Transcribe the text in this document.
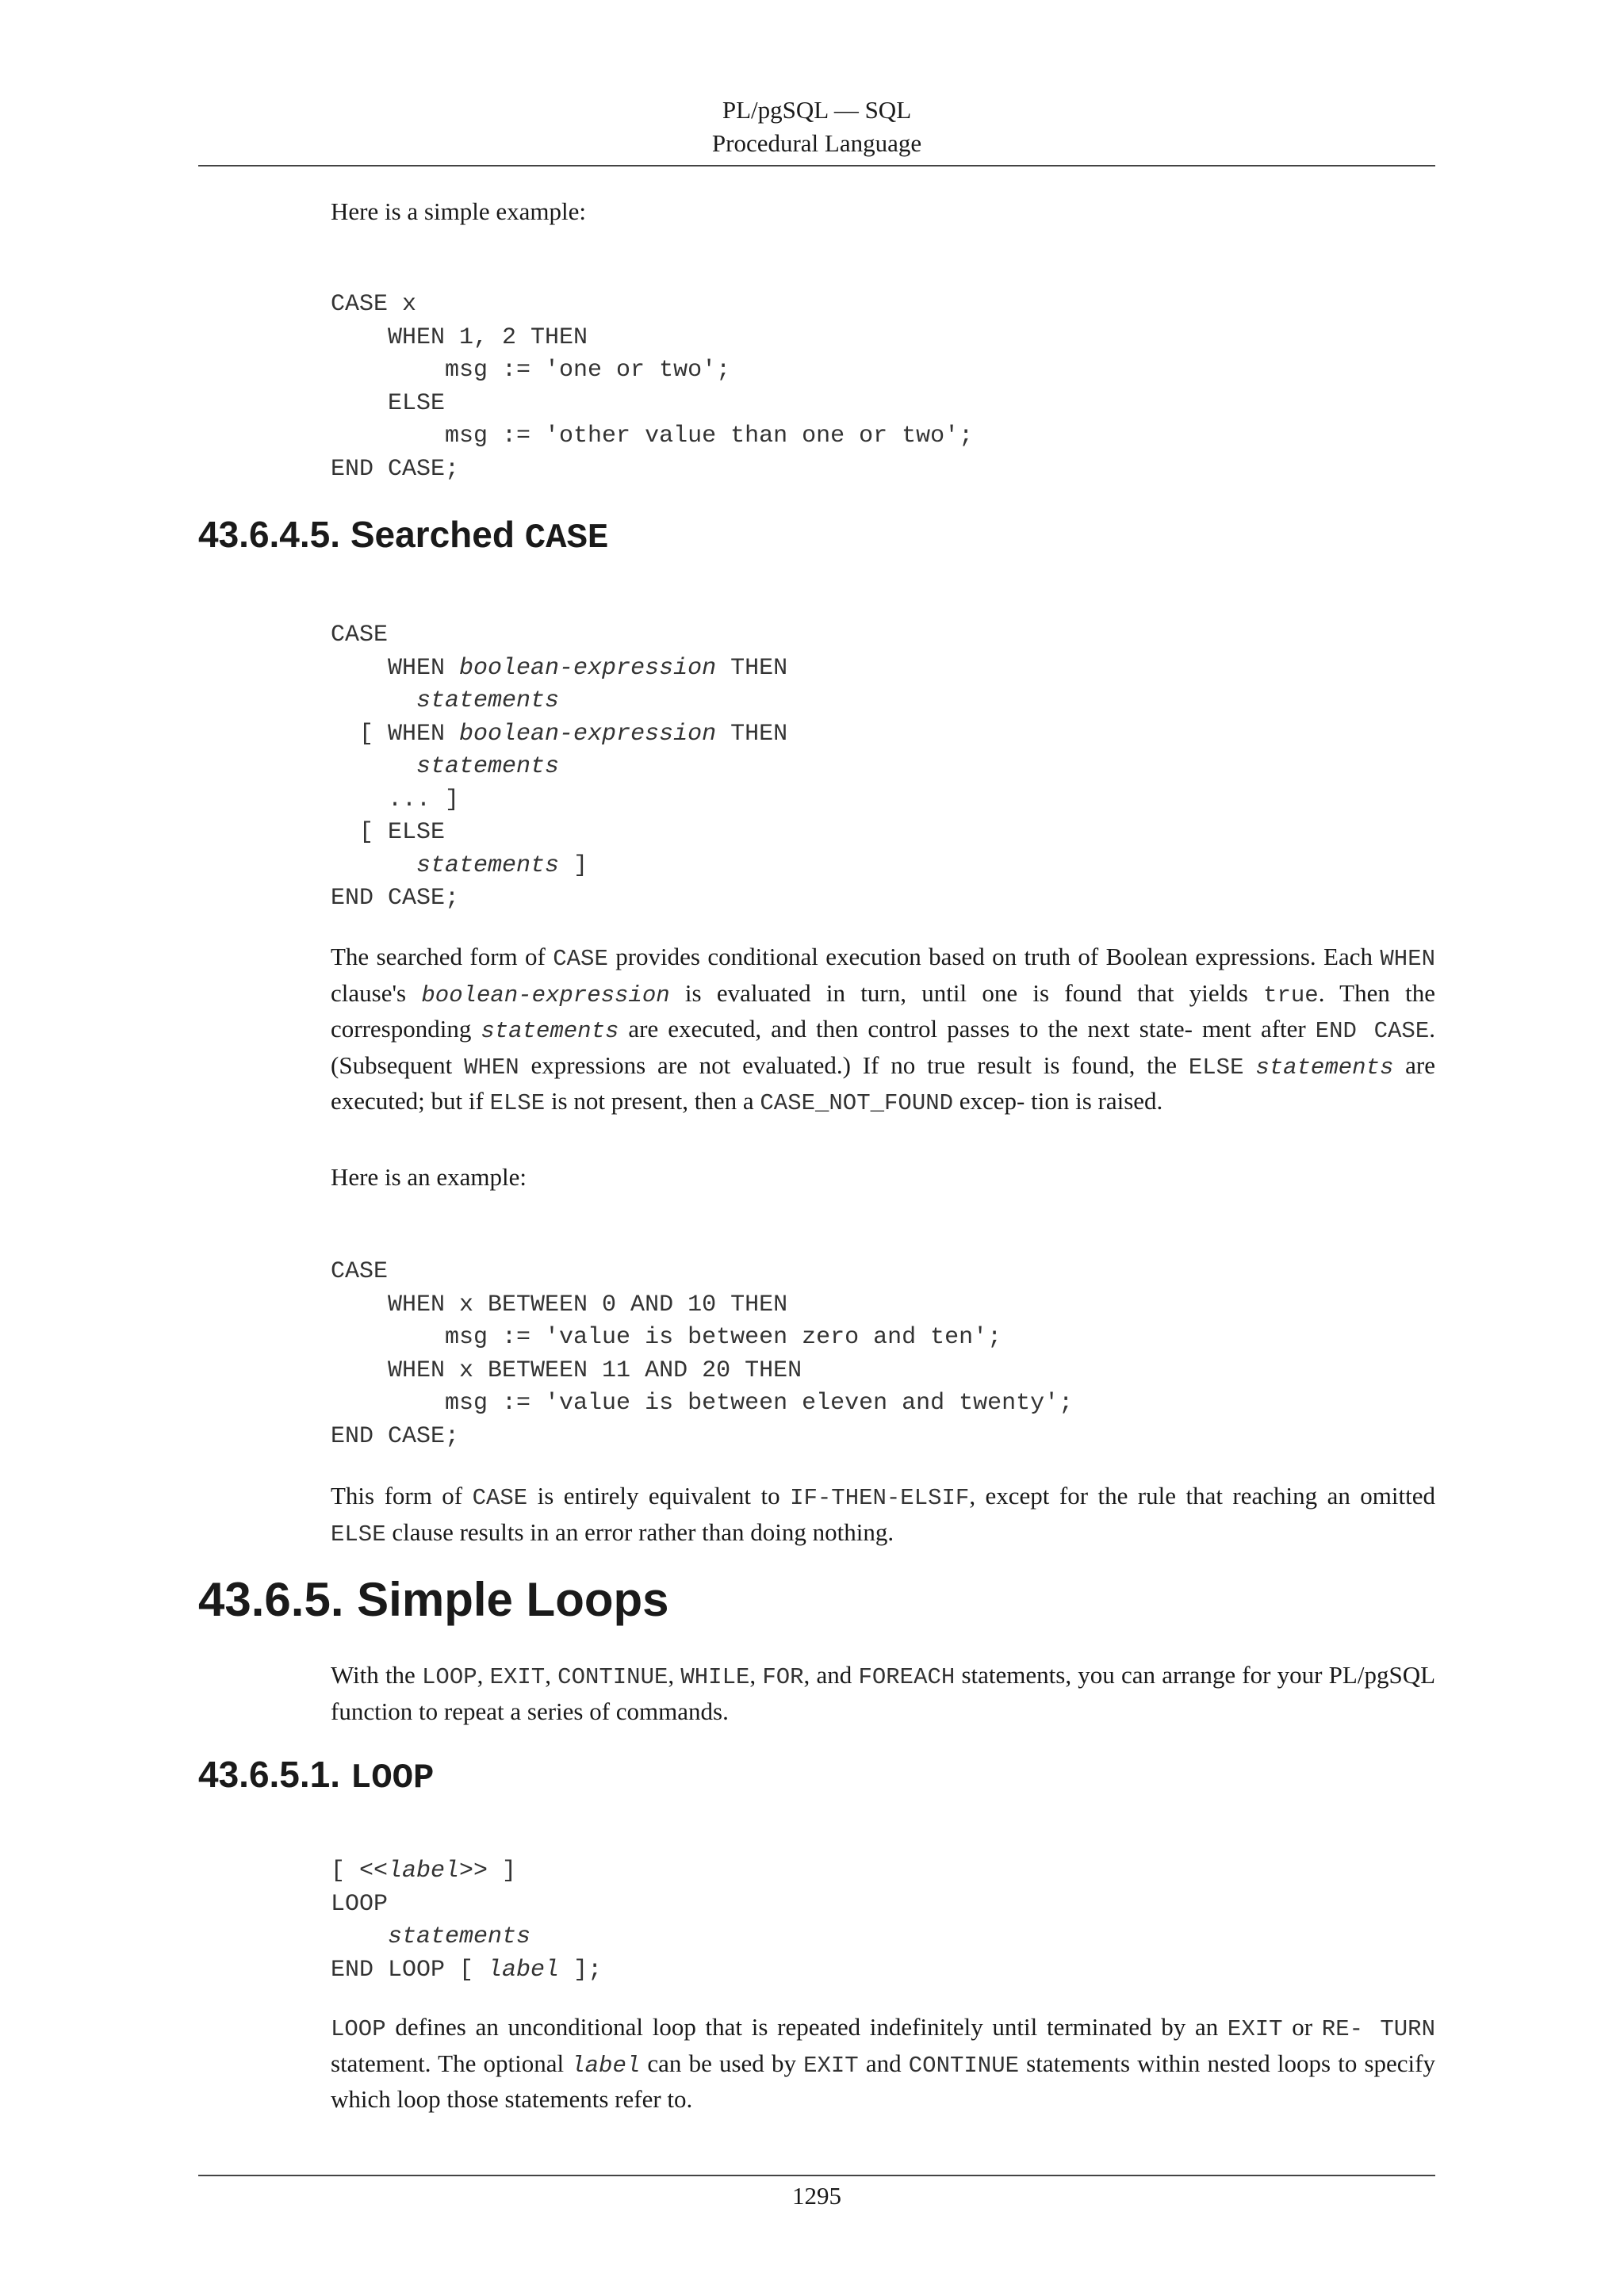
PL/pgSQL — SQL
Procedural Language

Here is a simple example:

CASE x
WHEN 1, 2 THEN
msg := 'one or two';
ELSE
msg := 'other value than one or two';
END CASE;
43.6.4.5. Searched CASE
CASE
WHEN boolean-expression THEN
statements
[ WHEN boolean-expression THEN
statements
... ]
[ ELSE
statements ]
END CASE;

The searched form of CASE provides conditional execution based on truth of Boolean expressions. Each WHEN clause's boolean-expression is evaluated in turn, until one is found that yields true. Then the corresponding statements are executed, and then control passes to the next state- ment after END CASE. (Subsequent WHEN expressions are not evaluated.) If no true result is found, the ELSE statements are executed; but if ELSE is not present, then a CASE_NOT_FOUND excep- tion is raised.

Here is an example:

CASE
WHEN x BETWEEN 0 AND 10 THEN
msg := 'value is between zero and ten';
WHEN x BETWEEN 11 AND 20 THEN
msg := 'value is between eleven and twenty';
END CASE;

This form of CASE is entirely equivalent to IF-THEN-ELSIF, except for the rule that reaching an omitted ELSE clause results in an error rather than doing nothing.

43.6.5. Simple Loops

With the LOOP, EXIT, CONTINUE, WHILE, FOR, and FOREACH statements, you can arrange for your PL/pgSQL function to repeat a series of commands.

43.6.5.1. LOOP
[ <<label>> ]
LOOP
statements
END LOOP [ label ];

LOOP defines an unconditional loop that is repeated indefinitely until terminated by an EXIT or RE- TURN statement. The optional label can be used by EXIT and CONTINUE statements within nested loops to specify which loop those statements refer to.

1295
